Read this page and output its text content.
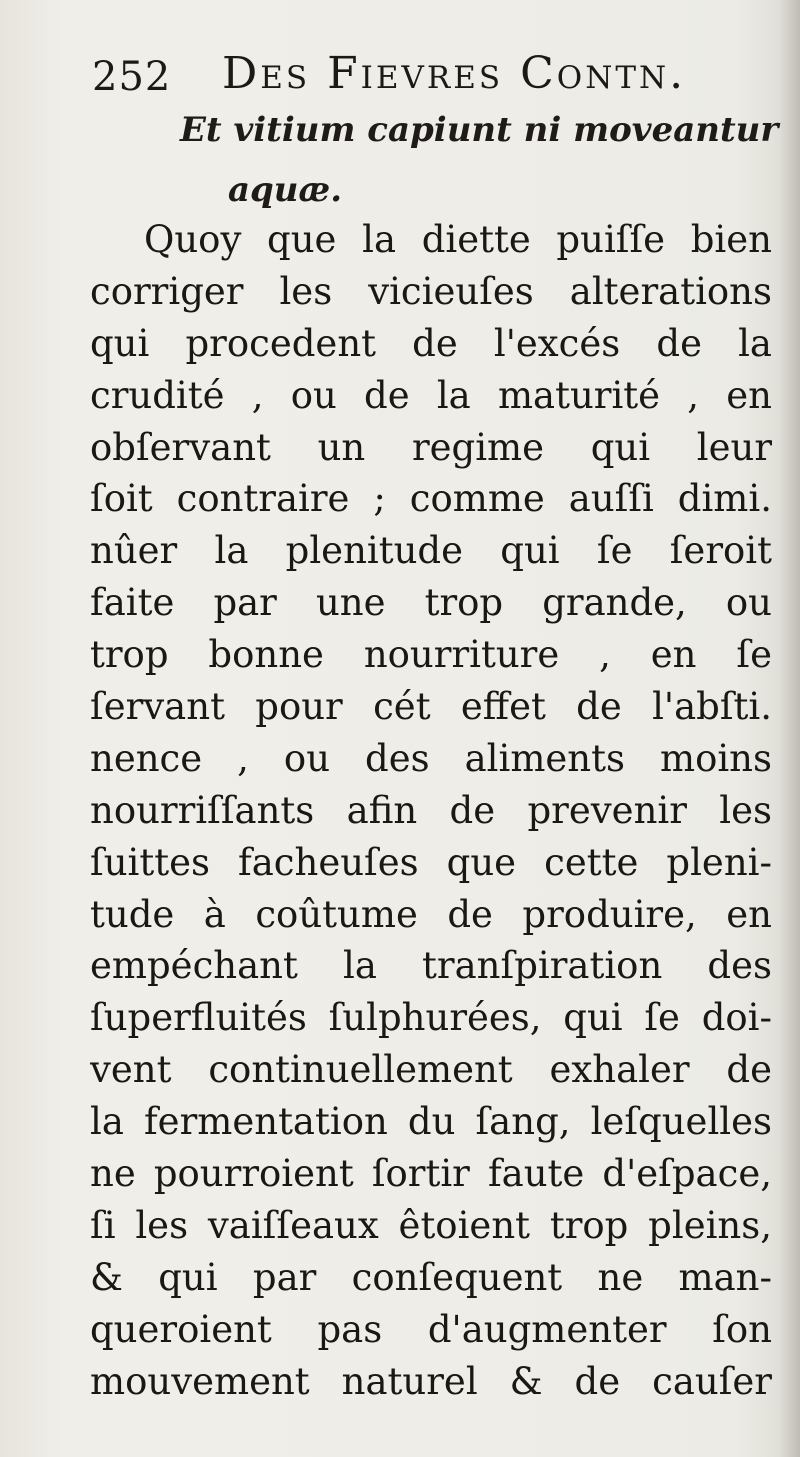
252 Des Fievres Contn.
Et vitium capiunt ni moveantur
aquæ.
Quoy que la diette puiſſe bien
corriger les vicieuſes alterations
qui procedent de l'excés de la
crudité , ou de la maturité , en
obſervant un regime qui leur
ſoit contraire ; comme auſſi dimi.
nûer la plenitude qui ſe ſeroit
faite par une trop grande, ou
trop bonne nourriture , en ſe
ſervant pour cét effet de l'abſti.
nence , ou des aliments moins
nourriſſants afin de prevenir les
ſuittes facheuſes que cette pleni-
tude à coûtume de produire, en
empéchant la tranſpiration des
ſuperfluités ſulphurées, qui ſe doi-
vent continuellement exhaler de
la fermentation du ſang, leſquelles
ne pourroient ſortir faute d'eſpace,
ſi les vaiſſeaux êtoient trop pleins,
& qui par conſequent ne man-
queroient pas d'augmenter ſon
mouvement naturel & de cauſer
